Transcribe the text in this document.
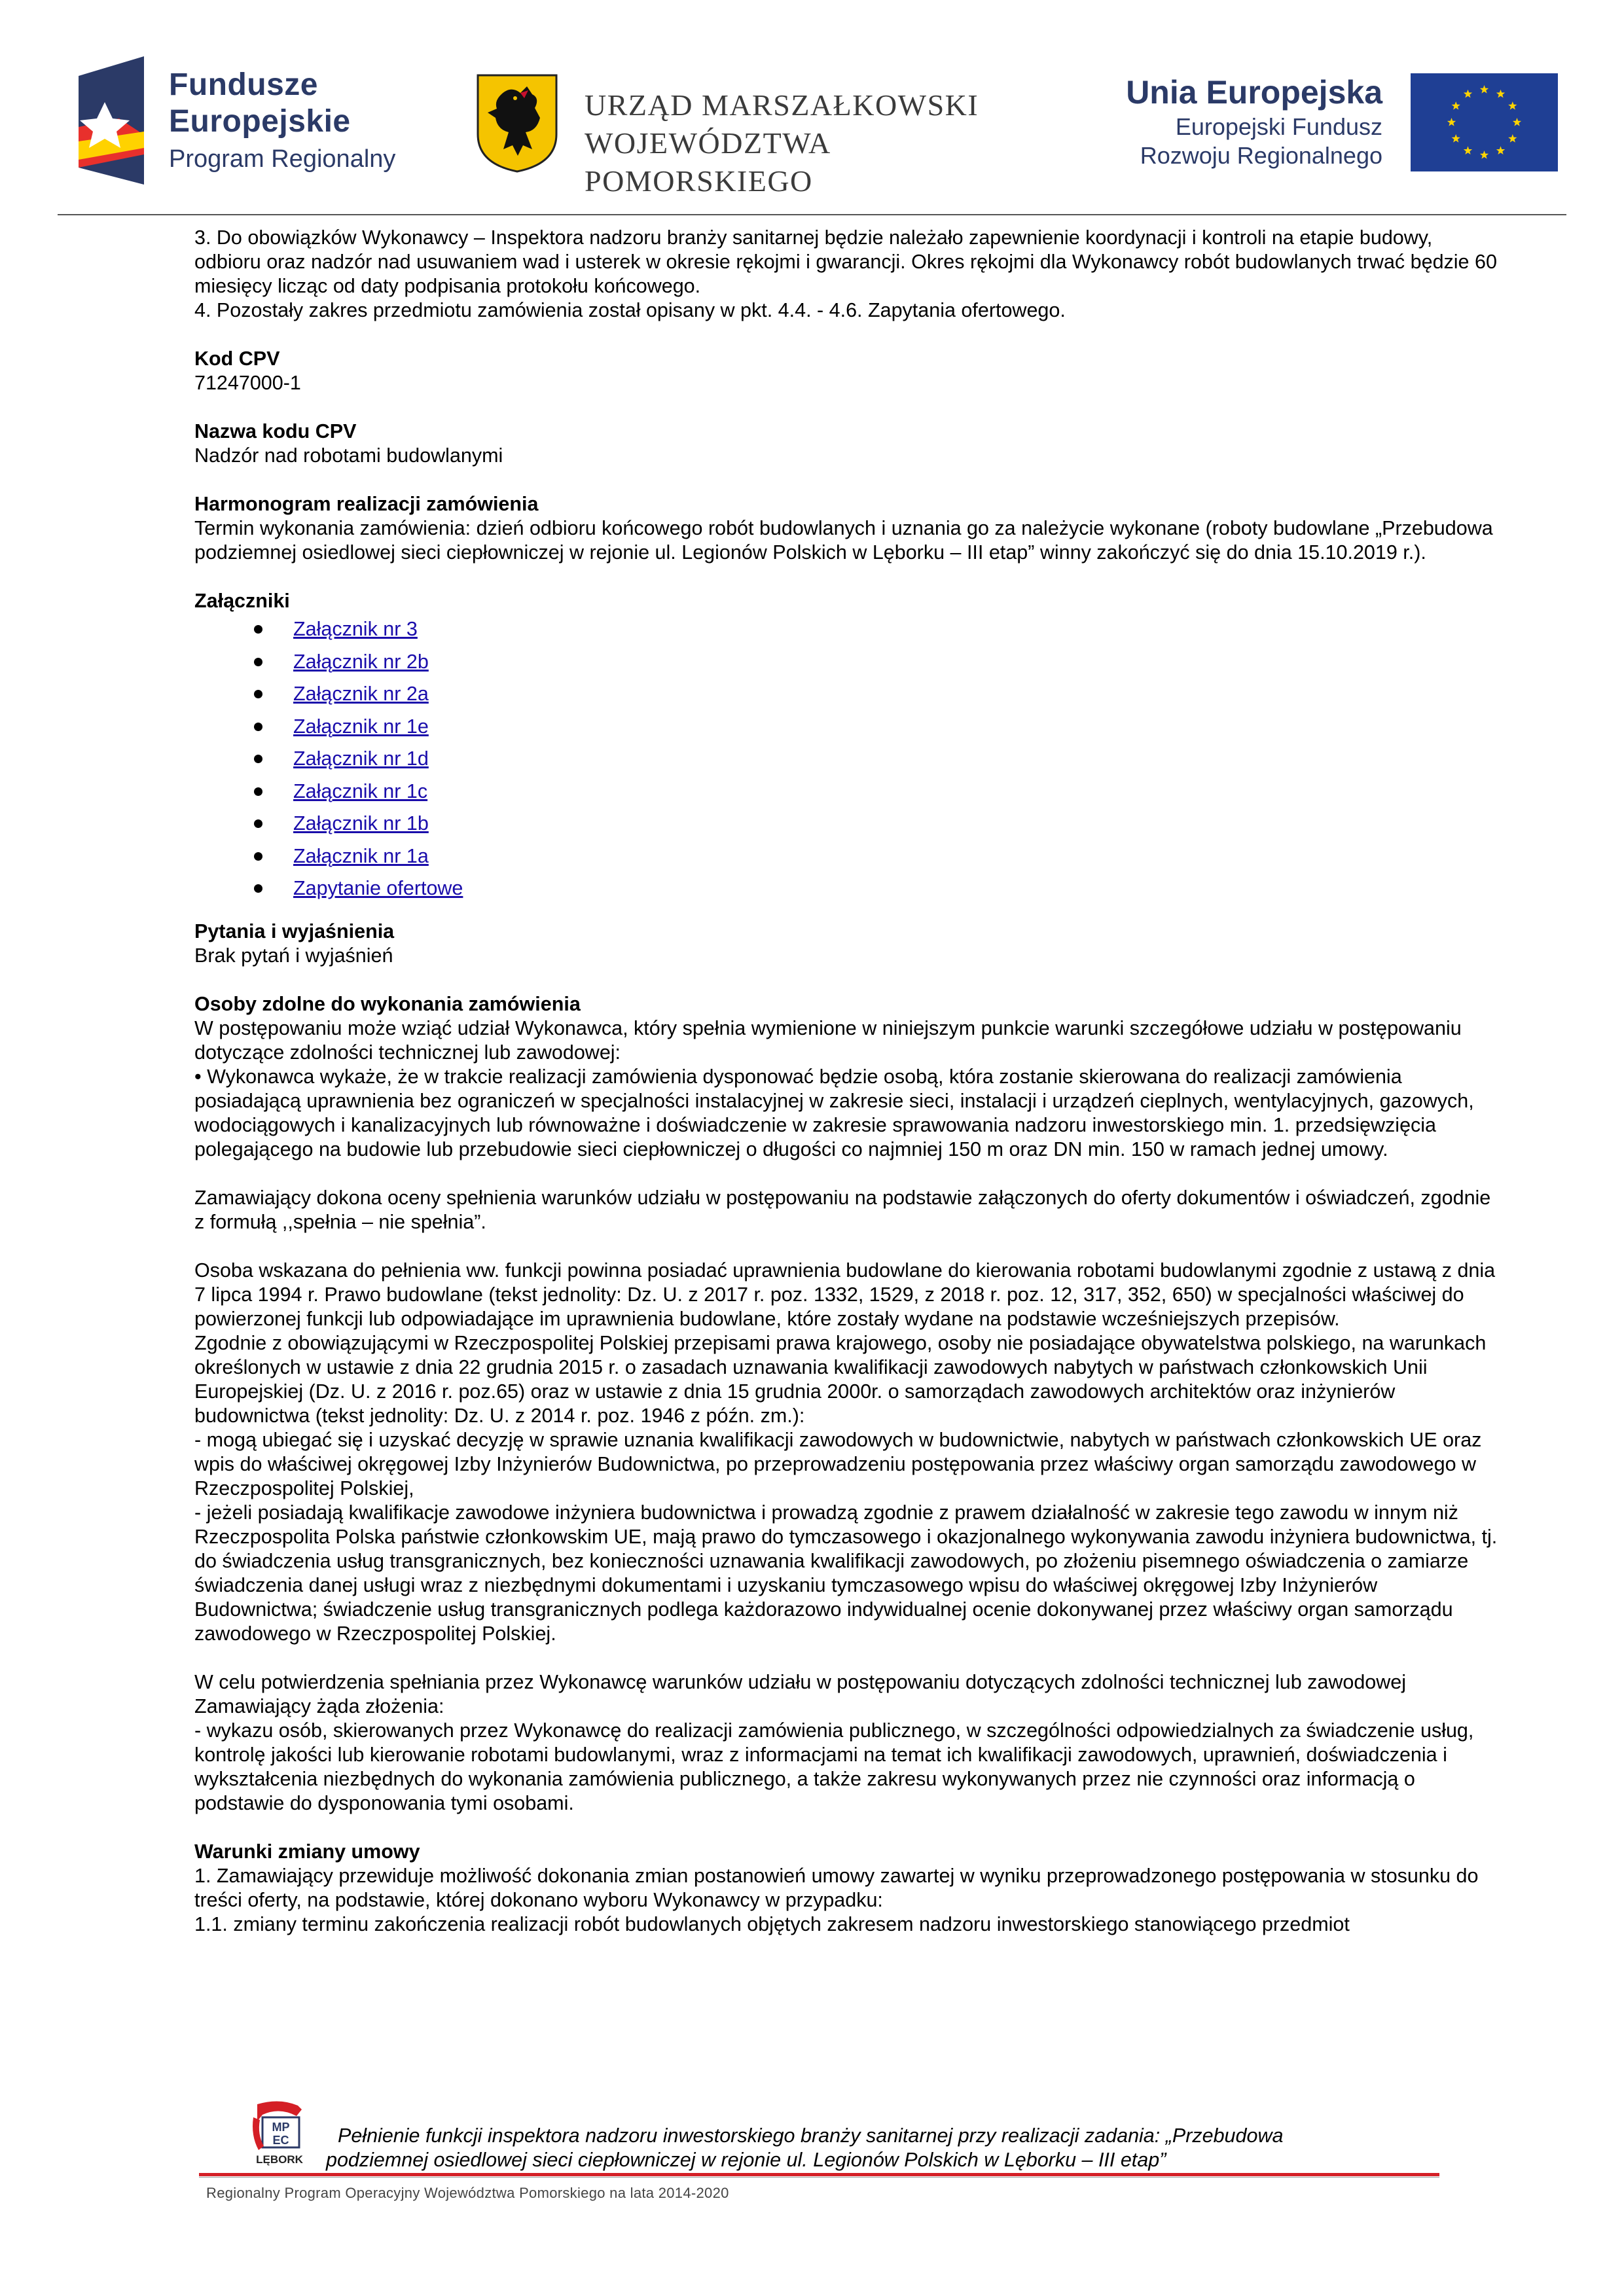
Fundusze
Europejskie
Program Regionalny
URZĄD MARSZAŁKOWSKI
WOJEWÓDZTWA POMORSKIEGO
Unia Europejska
Europejski Fundusz
Rozwoju Regionalnego

3. Do obowiązków Wykonawcy – Inspektora nadzoru branży sanitarnej będzie należało zapewnienie koordynacji i kontroli na etapie budowy, odbioru oraz nadzór nad usuwaniem wad i usterek w okresie rękojmi i gwarancji. Okres rękojmi dla Wykonawcy robót budowlanych trwać będzie 60 miesięcy licząc od daty podpisania protokołu końcowego.

4. Pozostały zakres przedmiotu zamówienia został opisany w pkt. 4.4. - 4.6. Zapytania ofertowego.

Kod CPV

71247000-1

Nazwa kodu CPV

Nadzór nad robotami budowlanymi

Harmonogram realizacji zamówienia

Termin wykonania zamówienia: dzień odbioru końcowego robót budowlanych i uznania go za należycie wykonane (roboty budowlane „Przebudowa podziemnej osiedlowej sieci ciepłowniczej w rejonie ul. Legionów Polskich w Lęborku – III etap” winny zakończyć się do dnia 15.10.2019 r.).

Załączniki

Załącznik nr 3
Załącznik nr 2b
Załącznik nr 2a
Załącznik nr 1e
Załącznik nr 1d
Załącznik nr 1c
Załącznik nr 1b
Załącznik nr 1a
Zapytanie ofertowe

Pytania i wyjaśnienia

Brak pytań i wyjaśnień

Osoby zdolne do wykonania zamówienia

W postępowaniu może wziąć udział Wykonawca, który spełnia wymienione w niniejszym punkcie warunki szczegółowe udziału w postępowaniu dotyczące zdolności technicznej lub zawodowej:

• Wykonawca wykaże, że w trakcie realizacji zamówienia dysponować będzie osobą, która zostanie skierowana do realizacji zamówienia posiadającą uprawnienia bez ograniczeń w specjalności instalacyjnej w zakresie sieci, instalacji i urządzeń cieplnych, wentylacyjnych, gazowych, wodociągowych i kanalizacyjnych lub równoważne i doświadczenie w zakresie sprawowania nadzoru inwestorskiego min. 1. przedsięwzięcia polegającego na budowie lub przebudowie sieci ciepłowniczej o długości co najmniej 150 m oraz DN min. 150 w ramach jednej umowy.

Zamawiający dokona oceny spełnienia warunków udziału w postępowaniu na podstawie załączonych do oferty dokumentów i oświadczeń, zgodnie z formułą ,,spełnia – nie spełnia”.

Osoba wskazana do pełnienia ww. funkcji powinna posiadać uprawnienia budowlane do kierowania robotami budowlanymi zgodnie z ustawą z dnia 7 lipca 1994 r. Prawo budowlane (tekst jednolity: Dz. U. z 2017 r. poz. 1332, 1529, z 2018 r. poz. 12, 317, 352, 650) w specjalności właściwej do powierzonej funkcji lub odpowiadające im uprawnienia budowlane, które zostały wydane na podstawie wcześniejszych przepisów.

Zgodnie z obowiązującymi w Rzeczpospolitej Polskiej przepisami prawa krajowego, osoby nie posiadające obywatelstwa polskiego, na warunkach określonych w ustawie z dnia 22 grudnia 2015 r. o zasadach uznawania kwalifikacji zawodowych nabytych w państwach członkowskich Unii Europejskiej (Dz. U. z 2016 r. poz.65) oraz w ustawie z dnia 15 grudnia 2000r. o samorządach zawodowych architektów oraz inżynierów budownictwa (tekst jednolity: Dz. U. z 2014 r. poz. 1946 z późn. zm.):

- mogą ubiegać się i uzyskać decyzję w sprawie uznania kwalifikacji zawodowych w budownictwie, nabytych w państwach członkowskich UE oraz wpis do właściwej okręgowej Izby Inżynierów Budownictwa, po przeprowadzeniu postępowania przez właściwy organ samorządu zawodowego w Rzeczpospolitej Polskiej,

- jeżeli posiadają kwalifikacje zawodowe inżyniera budownictwa i prowadzą zgodnie z prawem działalność w zakresie tego zawodu w innym niż Rzeczpospolita Polska państwie członkowskim UE, mają prawo do tymczasowego i okazjonalnego wykonywania zawodu inżyniera budownictwa, tj. do świadczenia usług transgranicznych, bez konieczności uznawania kwalifikacji zawodowych, po złożeniu pisemnego oświadczenia o zamiarze świadczenia danej usługi wraz z niezbędnymi dokumentami i uzyskaniu tymczasowego wpisu do właściwej okręgowej Izby Inżynierów Budownictwa; świadczenie usług transgranicznych podlega każdorazowo indywidualnej ocenie dokonywanej przez właściwy organ samorządu zawodowego w Rzeczpospolitej Polskiej.

W celu potwierdzenia spełniania przez Wykonawcę warunków udziału w postępowaniu dotyczących zdolności technicznej lub zawodowej Zamawiający żąda złożenia:

- wykazu osób, skierowanych przez Wykonawcę do realizacji zamówienia publicznego, w szczególności odpowiedzialnych za świadczenie usług, kontrolę jakości lub kierowanie robotami budowlanymi, wraz z informacjami na temat ich kwalifikacji zawodowych, uprawnień, doświadczenia i wykształcenia niezbędnych do wykonania zamówienia publicznego, a także zakresu wykonywanych przez nie czynności oraz informacją o podstawie do dysponowania tymi osobami.

Warunki zmiany umowy

1. Zamawiający przewiduje możliwość dokonania zmian postanowień umowy zawartej w wyniku przeprowadzonego postępowania w stosunku do treści oferty, na podstawie, której dokonano wyboru Wykonawcy w przypadku:

1.1. zmiany terminu zakończenia realizacji robót budowlanych objętych zakresem nadzoru inwestorskiego stanowiącego przedmiot

MP
EC
LĘBORK
Pełnienie funkcji inspektora nadzoru inwestorskiego branży sanitarnej przy realizacji zadania: „Przebudowa
podziemnej osiedlowej sieci ciepłowniczej w rejonie ul. Legionów Polskich w Lęborku – III etap”
Regionalny Program Operacyjny Województwa Pomorskiego na lata 2014-2020
